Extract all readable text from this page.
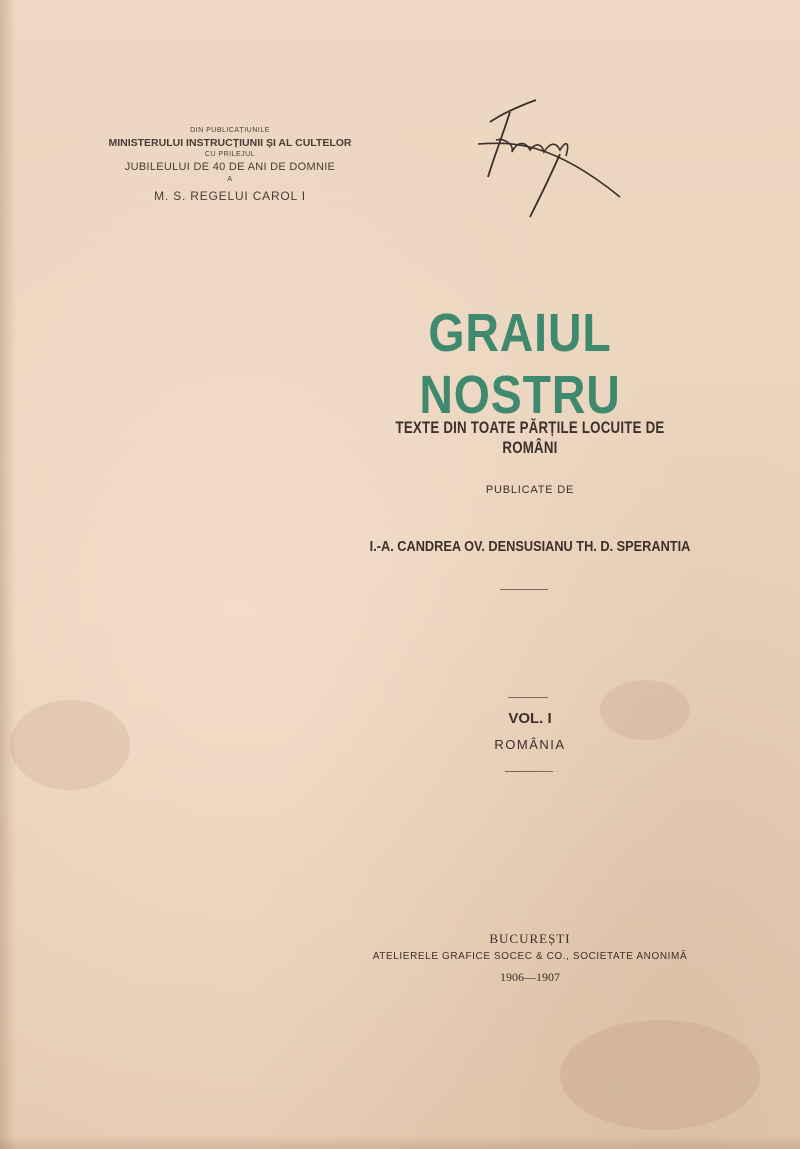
DIN PUBLICAȚIUNILE
MINISTERULUI INSTRUCȚIUNII ȘI AL CULTELOR
CU PRILEJUL
JUBILEULUI DE 40 DE ANI DE DOMNIE
A
M. S. REGELUI CAROL I
GRAIUL NOSTRU
TEXTE DIN TOATE PĂRȚILE LOCUITE DE ROMÂNI
PUBLICATE DE
I.-A. CANDREA OV. DENSUSIANU TH. D. SPERANTIA
VOL. I
ROMÂNIA
BUCUREȘTI
ATELIERELE GRAFICE SOCEC & CO., SOCIETATE ANONIMĂ
1906—1907
